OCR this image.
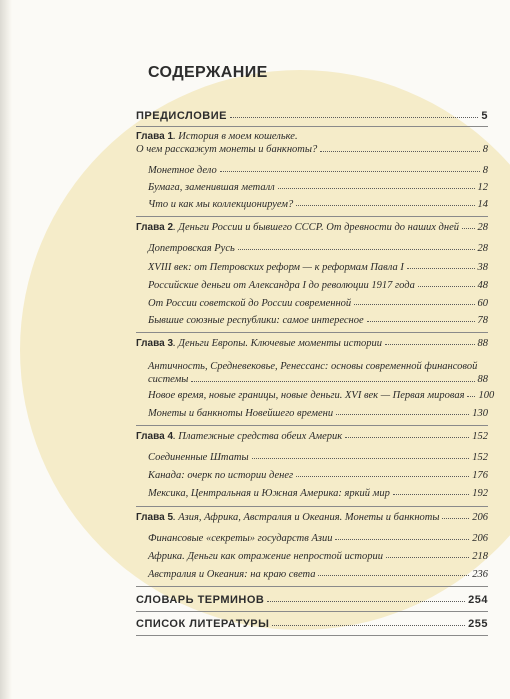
СОДЕРЖАНИЕ
ПРЕДИСЛОВИЕ	5
Глава 1. История в моем кошельке.
О чем расскажут монеты и банкноты?	8
Монетное дело	8
Бумага, заменившая металл	12
Что и как мы коллекционируем?	14
Глава 2. Деньги России и бывшего СССР. От древности до наших дней 28
Допетровская Русь	28
XVIII век: от Петровских реформ — к реформам Павла I	38
Российские деньги от Александра I до революции 1917 года	48
От России советской до России современной	60
Бывшие союзные республики: самое интересное	78
Глава 3. Деньги Европы. Ключевые моменты истории	88
Античность, Средневековье, Ренессанс: основы современной финансовой
системы	88
Новое время, новые границы, новые деньги. XVI век — Первая мировая 100
Монеты и банкноты Новейшего времени	130
Глава 4. Платежные средства обеих Америк	152
Соединенные Штаты	152
Канада: очерк по истории денег	176
Мексика, Центральная и Южная Америка: яркий мир	192
Глава 5. Азия, Африка, Австралия и Океания. Монеты и банкноты	206
Финансовые «секреты» государств Азии	206
Африка. Деньги как отражение непростой истории	218
Австралия и Океания: на краю света	236
СЛОВАРЬ ТЕРМИНОВ	254
СПИСОК ЛИТЕРАТУРЫ	255
